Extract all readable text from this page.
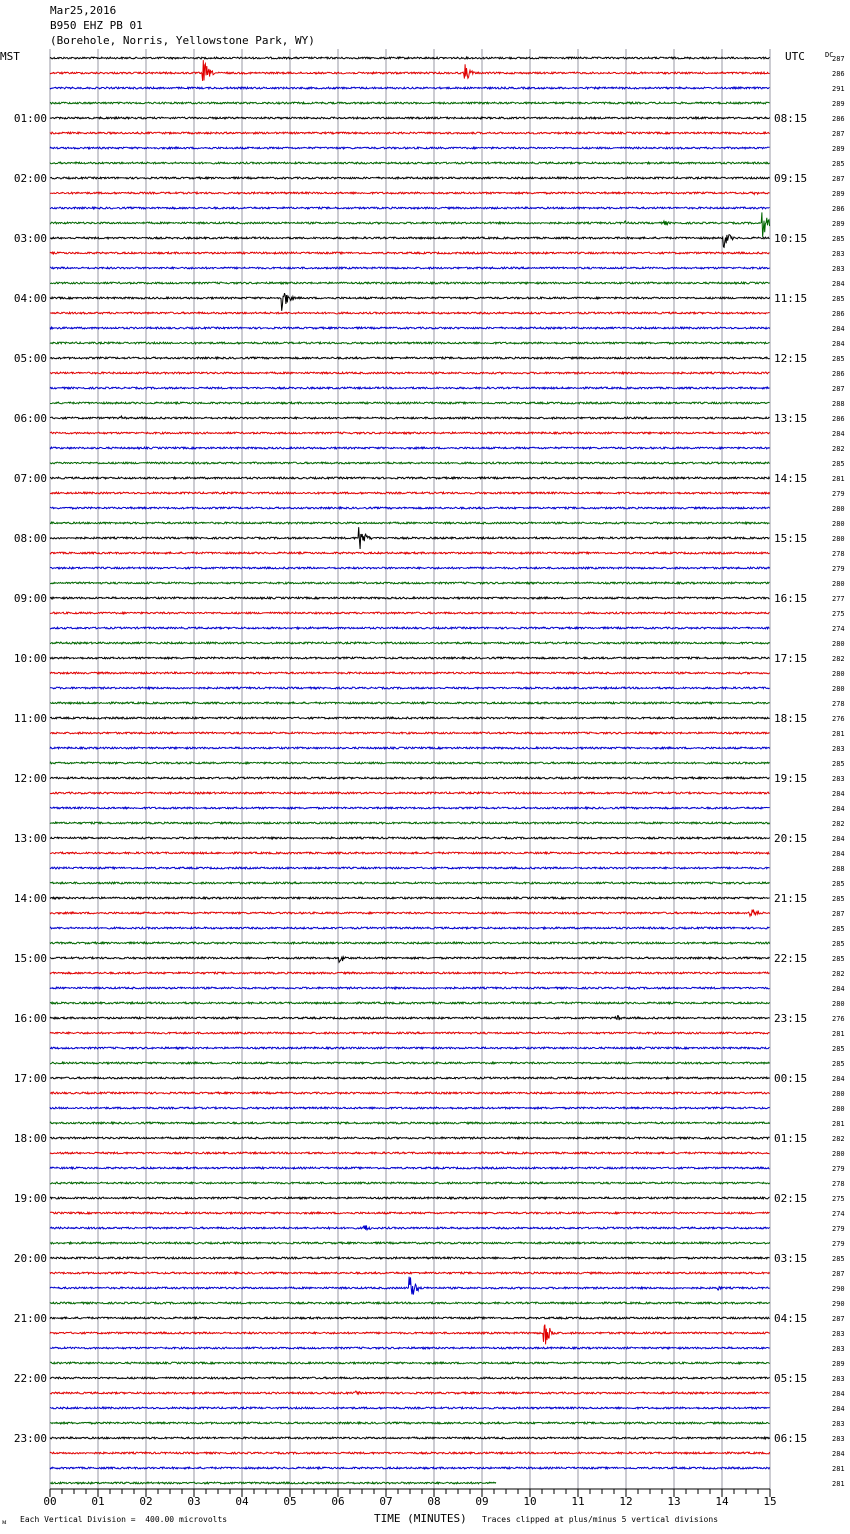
Mar25,2016
B950 EHZ PB 01
(Borehole, Norris, Yellowstone Park, WY)
MST	UTC	DC
00	01	02	03	04	05	06	07	08	09	10	11	12	13	14	15
287
286
291
289
286
287
289
285
287
289
286
289
285
283
283
284
285
286
284
284
285
286
287
288
286
284
282
285
281
279
280
280
280
278
279
280
277
275
274
280
282
280
280
278
276
281
283
285
283
284
284
282
284
284
288
285
285
287
285
285
285
282
284
280
276
281
285
285
284
280
280
281
282
280
279
278
275
274
279
279
285
287
290
290
287
283
283
289
283
284
284
283
283
284
281
281
01:00
02:00
03:00
04:00
05:00
06:00
07:00
08:00
09:00
10:00
11:00
12:00
13:00
14:00
15:00
16:00
17:00
18:00
19:00
20:00
21:00
22:00
23:00
08:15
09:15
10:15
11:15
12:15
13:15
14:15
15:15
16:15
17:15
18:15
19:15
20:15
21:15
22:15
23:15
00:15
01:15
02:15
03:15
04:15
05:15
06:15
ᴍ Each Vertical Division =  400.00 microvolts	TIME (MINUTES) Traces clipped at plus/minus 5 vertical divisions
